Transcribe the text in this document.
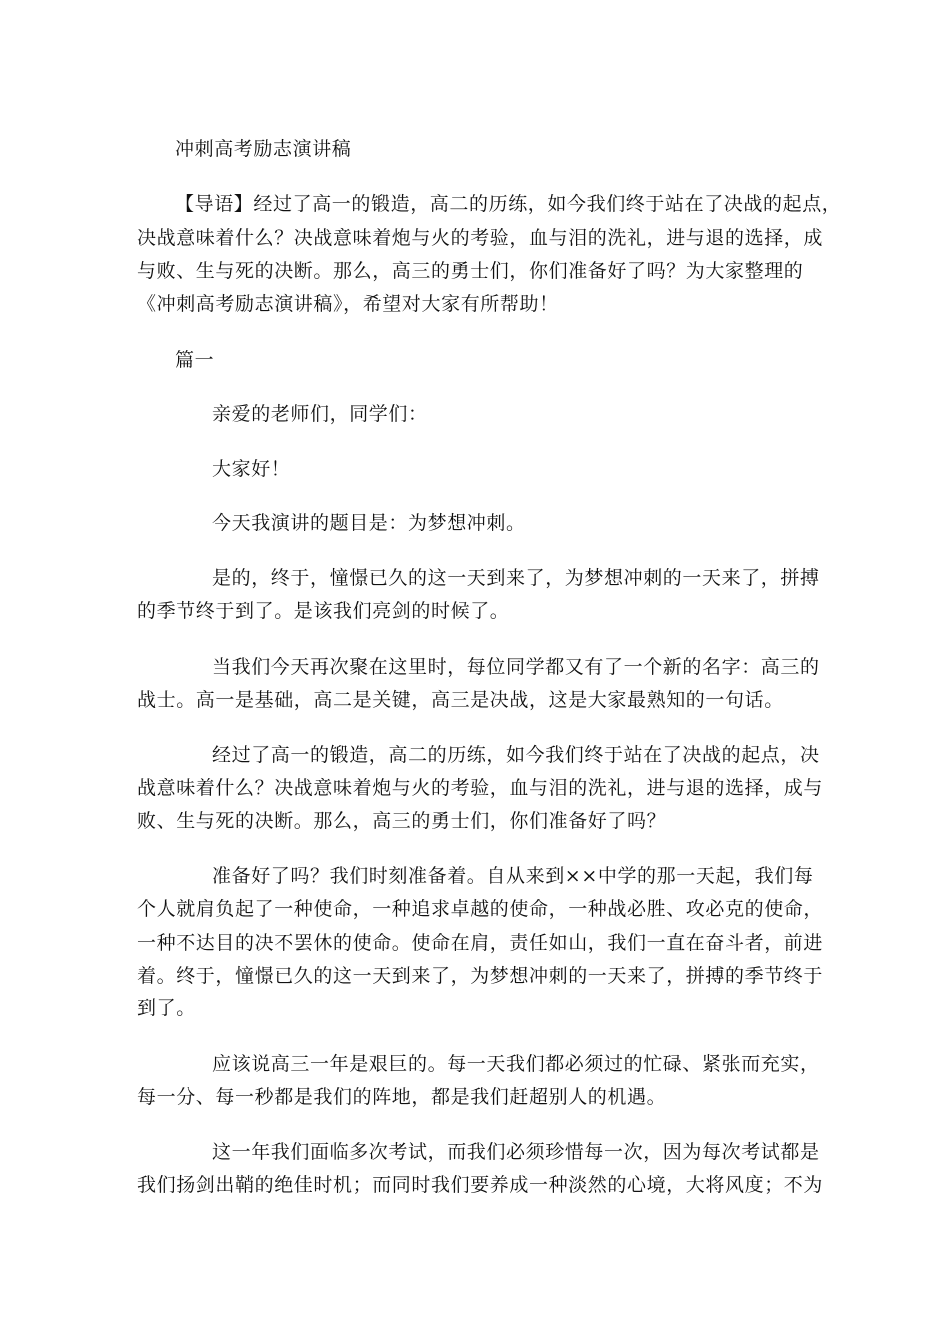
冲刺高考励志演讲稿
【导语】经过了高一的锻造，高二的历练，如今我们终于站在了决战的起点，
决战意味着什么？决战意味着炮与火的考验，血与泪的洗礼，进与退的选择，成
与败、生与死的决断。那么，高三的勇士们，你们准备好了吗？为大家整理的
《冲刺高考励志演讲稿》，希望对大家有所帮助！
篇一
亲爱的老师们，同学们：
大家好！
今天我演讲的题目是：为梦想冲刺。
是的，终于，憧憬已久的这一天到来了，为梦想冲刺的一天来了，拼搏
的季节终于到了。是该我们亮剑的时候了。
当我们今天再次聚在这里时，每位同学都又有了一个新的名字：高三的
战士。高一是基础，高二是关键，高三是决战，这是大家最熟知的一句话。
经过了高一的锻造，高二的历练，如今我们终于站在了决战的起点，决
战意味着什么？决战意味着炮与火的考验，血与泪的洗礼，进与退的选择，成与
败、生与死的决断。那么，高三的勇士们，你们准备好了吗？
准备好了吗？我们时刻准备着。自从来到××中学的那一天起，我们每
个人就肩负起了一种使命，一种追求卓越的使命，一种战必胜、攻必克的使命，
一种不达目的决不罢休的使命。使命在肩，责任如山，我们一直在奋斗者，前进
着。终于，憧憬已久的这一天到来了，为梦想冲刺的一天来了，拼搏的季节终于
到了。
应该说高三一年是艰巨的。每一天我们都必须过的忙碌、紧张而充实，
每一分、每一秒都是我们的阵地，都是我们赶超别人的机遇。
这一年我们面临多次考试，而我们必须珍惜每一次，因为每次考试都是
我们扬剑出鞘的绝佳时机；而同时我们要养成一种淡然的心境，大将风度；不为
